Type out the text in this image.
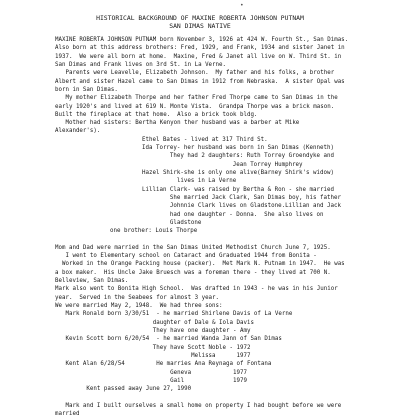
•
HISTORICAL BACKGROUND OF MAXINE ROBERTA JOHNSON PUTNAM
SAN DIMAS NATIVE
MAXINE ROBERTA JOHNSON PUTNAM born November 3, 1926 at 424 W. Fourth St., San Dimas.
Also born at this address brothers: Fred, 1929, and Frank, 1934 and sister Janet in
1937.  We were all born at home.  Maxine, Fred & Janet all live on W. Third St. in
San Dimas and Frank lives on 3rd St. in La Verne.
Parents were Leavelle, Elizabeth Johnson.  My father and his folks, a brother
Albert and sister Hazel came to San Dimas in 1912 from Nebraska.  A sister Opal was
born in San Dimas.
My mother Elizabeth Thorpe and her father Fred Thorpe came to San Dimas in the
early 1920's and lived at 619 N. Monte Vista.  Grandpa Thorpe was a brick mason.
Built the fireplace at that home.  Also a brick took bldg.
Mother had sisters: Bertha Kenyon ther husband was a barber at Mike
Alexander's).
Ethel Bates - lived at 317 Third St.
Ida Torrey- her husband was born in San Dimas (Kenneth)
They had 2 daughters: Ruth Torrey Groendyke and
Jean Torrey Humphrey
Hazel Shirk-she is only one alive(Barney Shirk's widow)
lives in La Verne
Lillian Clark- was raised by Bertha & Ron - she married
She married Jack Clark, San Dimas boy, his father
Johnnie Clark lives on Gladstone.Lillian and Jack
had one daughter - Donna.  She also lives on
Gladstone
one brother: Louis Thorpe
Mom and Dad were married in the San Dimas United Methodist Church June 7, 1925.
I went to Elementary school on Cataract and Graduated 1944 from Bonita -
Worked in the Orange Packing house (packer).  Met Mark N. Putnam in 1947.  He was
a box maker.  His Uncle Jake Bruesch was a foreman there - they lived at 700 N.
Belleview, San Dimas.
Mark also went to Bonita High School.  Was drafted in 1943 - he was in his Junior
year.  Served in the Seabees for almost 3 year.
We were married May 2, 1948.  We had three sons:
Mark Ronald born 3/30/51  - he married Shirlene Davis of La Verne
daughter of Dale & Iola Davis
They have one daughter - Amy
Kevin Scott born 6/20/54  - he married Wanda Jann of San Dimas
They have Scott Noble - 1972
Melissa      1977
Kent Alan 6/28/54         He marries Ana Reynaga of Fontana
Geneva            1977
Gail              1979
Kent passed away June 27, 1990
Mark and I built ourselves a small home on property I had bought before we were
married
